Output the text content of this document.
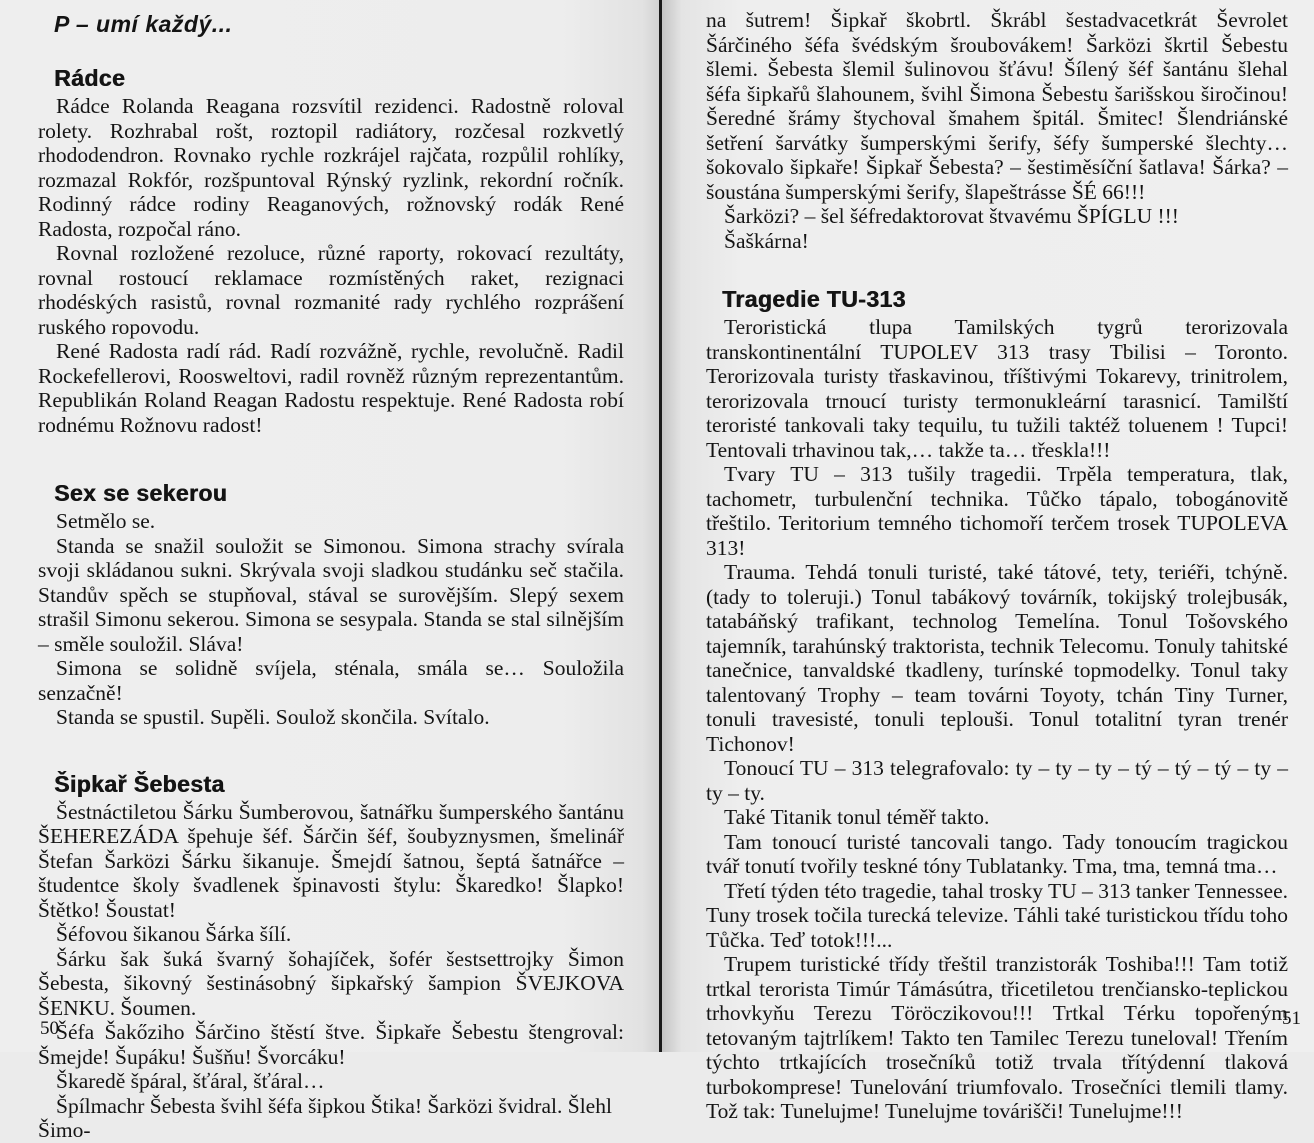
P – umí každý...
Rádce

Rádce Rolanda Reagana rozsvítil rezidenci. Radostně roloval rolety. Rozhrabal rošt, roztopil radiátory, rozčesal rozkvetlý rhododendron. Rovnako rychle rozkrájel rajčata, rozpůlil rohlíky, rozmazal Rokfór, rozšpuntoval Rýnský ryzlink, rekordní ročník. Rodinný rádce rodiny Reaganových, rožnovský rodák René Radosta, rozpočal ráno.

Rovnal rozložené rezoluce, různé raporty, rokovací rezultáty, rovnal rostoucí reklamace rozmístěných raket, rezignaci rhodéských rasistů, rovnal rozmanité rady rychlého rozprášení ruského ropovodu.

René Radosta radí rád. Radí rozvážně, rychle, revolučně. Radil Rockefellerovi, Roosweltovi, radil rovněž různým reprezentantům. Republikán Roland Reagan Radostu respektuje. René Radosta robí rodnému Rožnovu radost!

Sex se sekerou

Setmělo se.

Standa se snažil souložit se Simonou. Simona strachy svírala svoji skládanou sukni. Skrývala svoji sladkou studánku seč stačila. Standův spěch se stupňoval, stával se surovějším. Slepý sexem strašil Simonu sekerou. Simona se sesypala. Standa se stal silnějším – směle souložil. Sláva!

Simona se solidně svíjela, sténala, smála se… Souložila senzačně!

Standa se spustil. Supěli. Soulož skončila. Svítalo.

Šipkař Šebesta

Šestnáctiletou Šárku Šumberovou, šatnářku šumperského šantánu ŠEHEREZÁDA špehuje šéf. Šárčin šéf, šoubyznysmen, šmelinář Štefan Šarközi Šárku šikanuje. Šmejdí šatnou, šeptá šatnářce – študentce školy švadlenek špinavosti štylu: Škaredko! Šlapko! Štětko! Šoustat!

Šéfovou šikanou Šárka šílí.

Šárku šak šuká švarný šohajíček, šofér šestsettrojky Šimon Šebesta, šikovný šestinásobný šipkařský šampion ŠVEJKOVA ŠENKU. Šoumen.

Šéfa Šakőziho Šárčino štěstí štve. Šipkaře Šebestu štengroval: Šmejde! Šupáku! Šušňu! Švorcáku!

Škaredě špáral, šťáral, šťáral…

Špílmachr Šebesta švihl šéfa šipkou Štika! Šarközi švidral. Šlehl Šimo-

50

na šutrem! Šipkař škobrtl. Škrábl šestadvacetkrát Ševrolet Šárčiného šéfa švédským šroubovákem! Šarközi škrtil Šebestu šlemi. Šebesta šlemil šulinovou šťávu! Šílený šéf šantánu šlehal šéfa šipkařů šlahounem, švihl Šimona Šebestu šarišskou širočinou! Šeredné šrámy štychoval šmahem špitál. Šmitec! Šlendriánské šetření šarvátky šumperskými šerify, šéfy šumperské šlechty… šokovalo šipkaře! Šipkař Šebesta? – šestiměsíční šatlava! Šárka? – šoustána šumperskými šerify, šlapeštrásse ŠÉ 66!!!

Šarközi? – šel šéfredaktorovat štvavému ŠPÍGLU !!!

Šaškárna!

Tragedie TU-313

Teroristická tlupa Tamilských tygrů terorizovala transkontinentální TUPOLEV 313 trasy Tbilisi – Toronto. Terorizovala turisty třaskavinou, tříštivými Tokarevy, trinitrolem, terorizovala trnoucí turisty termonukleární tarasnicí. Tamilští teroristé tankovali taky tequilu, tu tužili taktéž toluenem ! Tupci! Tentovali trhavinou tak,… takže ta… třeskla!!!

Tvary TU – 313 tušily tragedii. Trpěla temperatura, tlak, tachometr, turbulenční technika. Tůčko tápalo, tobogánovitě třeštilo. Teritorium temného tichomoří terčem trosek TUPOLEVA 313!

Trauma. Tehdá tonuli turisté, také tátové, tety, teriéři, tchýně. (tady to toleruji.) Tonul tabákový továrník, tokijský trolejbusák, tatabáňský trafikant, technolog Temelína. Tonul Tošovského tajemník, tarahúnský traktorista, technik Telecomu. Tonuly tahitské tanečnice, tanvaldské tkadleny, turínské topmodelky. Tonul taky talentovaný Trophy – team továrni Toyoty, tchán Tiny Turner, tonuli travesisté, tonuli teplouši. Tonul totalitní tyran trenér Tichonov!

Tonoucí TU – 313 telegrafovalo: ty – ty – ty – tý – tý – tý – ty – ty – ty.

Také Titanik tonul téměř takto.

Tam tonoucí turisté tancovali tango. Tady tonoucím tragickou tvář tonutí tvořily teskné tóny Tublatanky. Tma, tma, temná tma…

Třetí týden této tragedie, tahal trosky TU – 313 tanker Tennessee. Tuny trosek točila turecká televize. Táhli také turistickou třídu toho Tůčka. Teď totok!!!...

Trupem turistické třídy třeštil tranzistorák Toshiba!!! Tam totiž trtkal terorista Timúr Támásútra, třicetiletou trenčiansko-teplickou trhovkyňu Terezu Töröczikovou!!! Trtkal Térku topořeným tetovaným tajtrlíkem! Takto ten Tamilec Terezu tuneloval! Třením týchto trtkajících trosečníků totiž trvala třítýdenní tlaková turbokomprese! Tunelování triumfovalo. Trosečníci tlemili tlamy. Tož tak: Tunelujme! Tunelujme továrišči! Tunelujme!!!

51
